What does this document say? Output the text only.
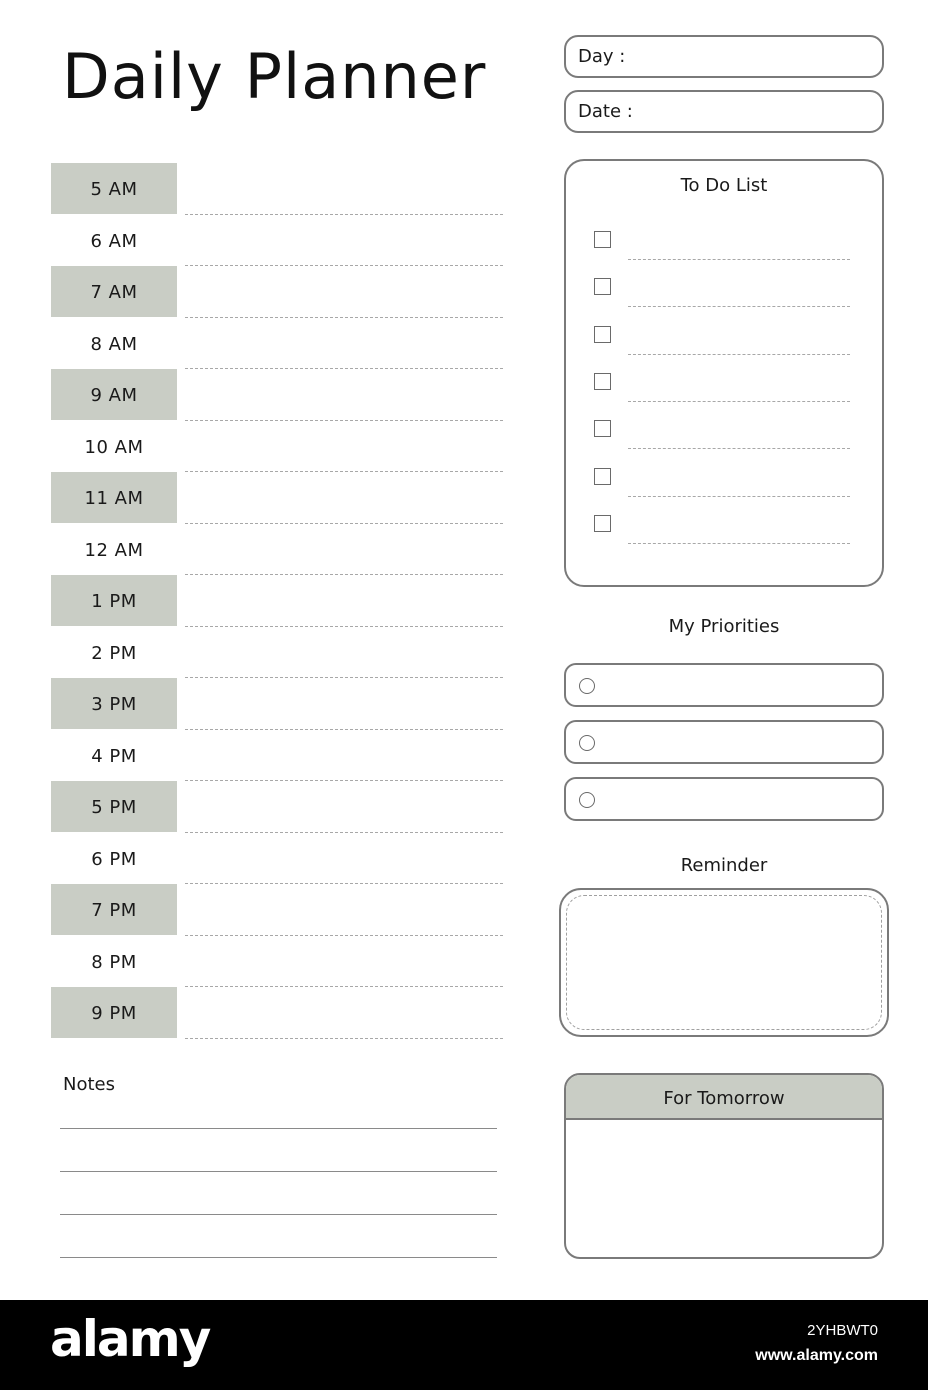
Daily Planner	Day :
Date :
5 AM
6 AM
7 AM
8 AM
9 AM
10 AM
11 AM
12 AM
1 PM
2 PM
3 PM
4 PM
5 PM
6 PM
7 PM
8 PM
9 PM
Notes
To Do List
My Priorities
Reminder
For Tomorrow
alamy	2YHBWT0
www.alamy.com
